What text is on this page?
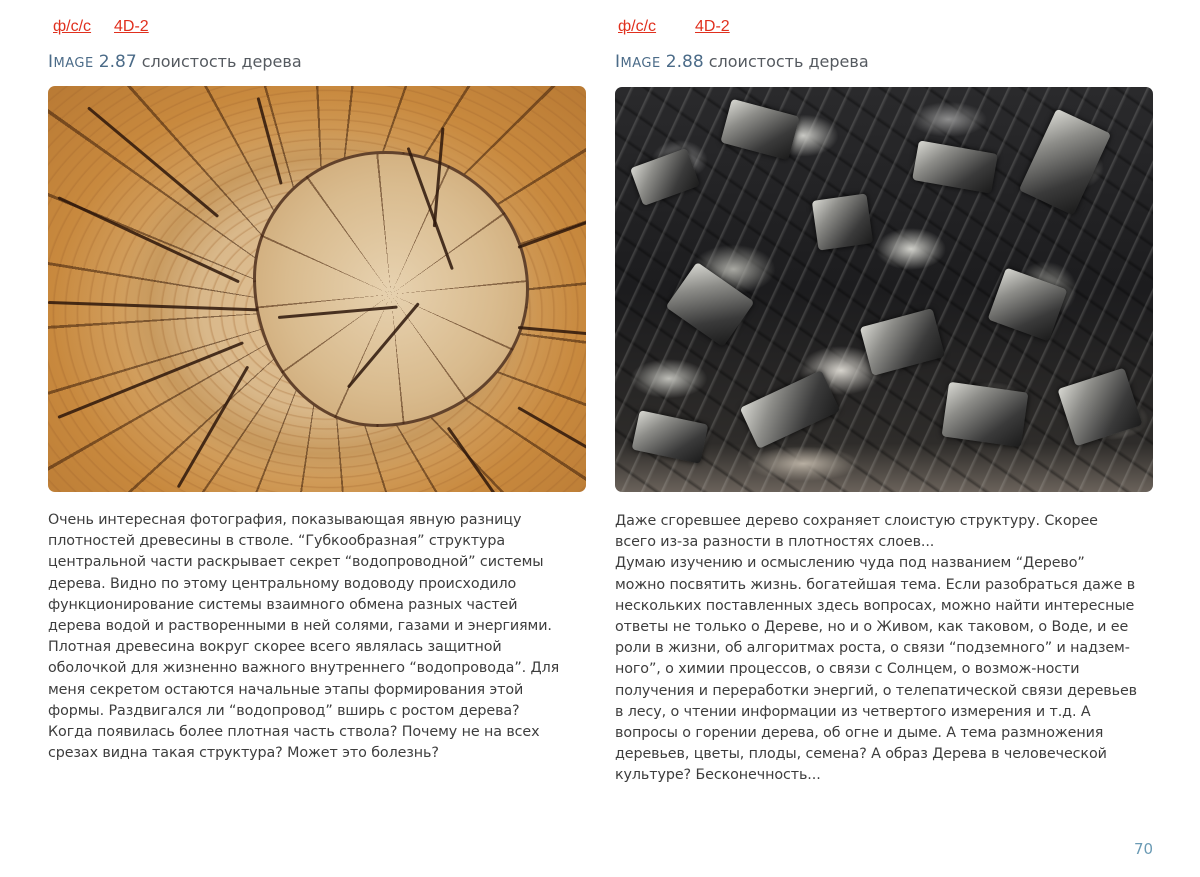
ф/с/с 4D-2
IMAGE 2.87 слоистость дерева
Очень интересная фотография, показывающая явную разницу
плотностей древесины в стволе. “Губкообразная” структура
центральной части раскрывает секрет “водопроводной” системы
дерева. Видно по этому центральному водоводу происходило
функционирование системы взаимного обмена разных частей
дерева водой и растворенными в ней солями, газами и энергиями.
Плотная древесина вокруг скорее всего являлась защитной
оболочкой для жизненно важного внутреннего “водопровода”. Для
меня секретом остаются начальные этапы формирования этой
формы. Раздвигался ли “водопровод” вширь с ростом дерева?
Когда появилась более плотная часть ствола? Почему не на всех
срезах видна такая структура? Может это болезнь?
ф/с/с 4D-2
IMAGE 2.88 слоистость дерева
Даже сгоревшее дерево сохраняет слоистую структуру. Скорее
всего из-за разности в плотностях слоев...
Думаю изучению и осмыслению чуда под названием “Дерево”
можно посвятить жизнь. богатейшая тема. Если разобраться даже в
нескольких поставленных здесь вопросах, можно найти интересные
ответы не только о Дереве, но и о Живом, как таковом, о Воде, и ее
роли в жизни, об алгоритмах роста, о связи “подземного” и надзем-
ного”, о химии процессов, о связи с Солнцем, о возмож-ности
получения и переработки энергий, о телепатической связи деревьев
в лесу, о чтении информации из четвертого измерения и т.д. А
вопросы о горении дерева, об огне и дыме. А тема размножения
деревьев, цветы, плоды, семена? А образ Дерева в человеческой
культуре? Бесконечность...
70
